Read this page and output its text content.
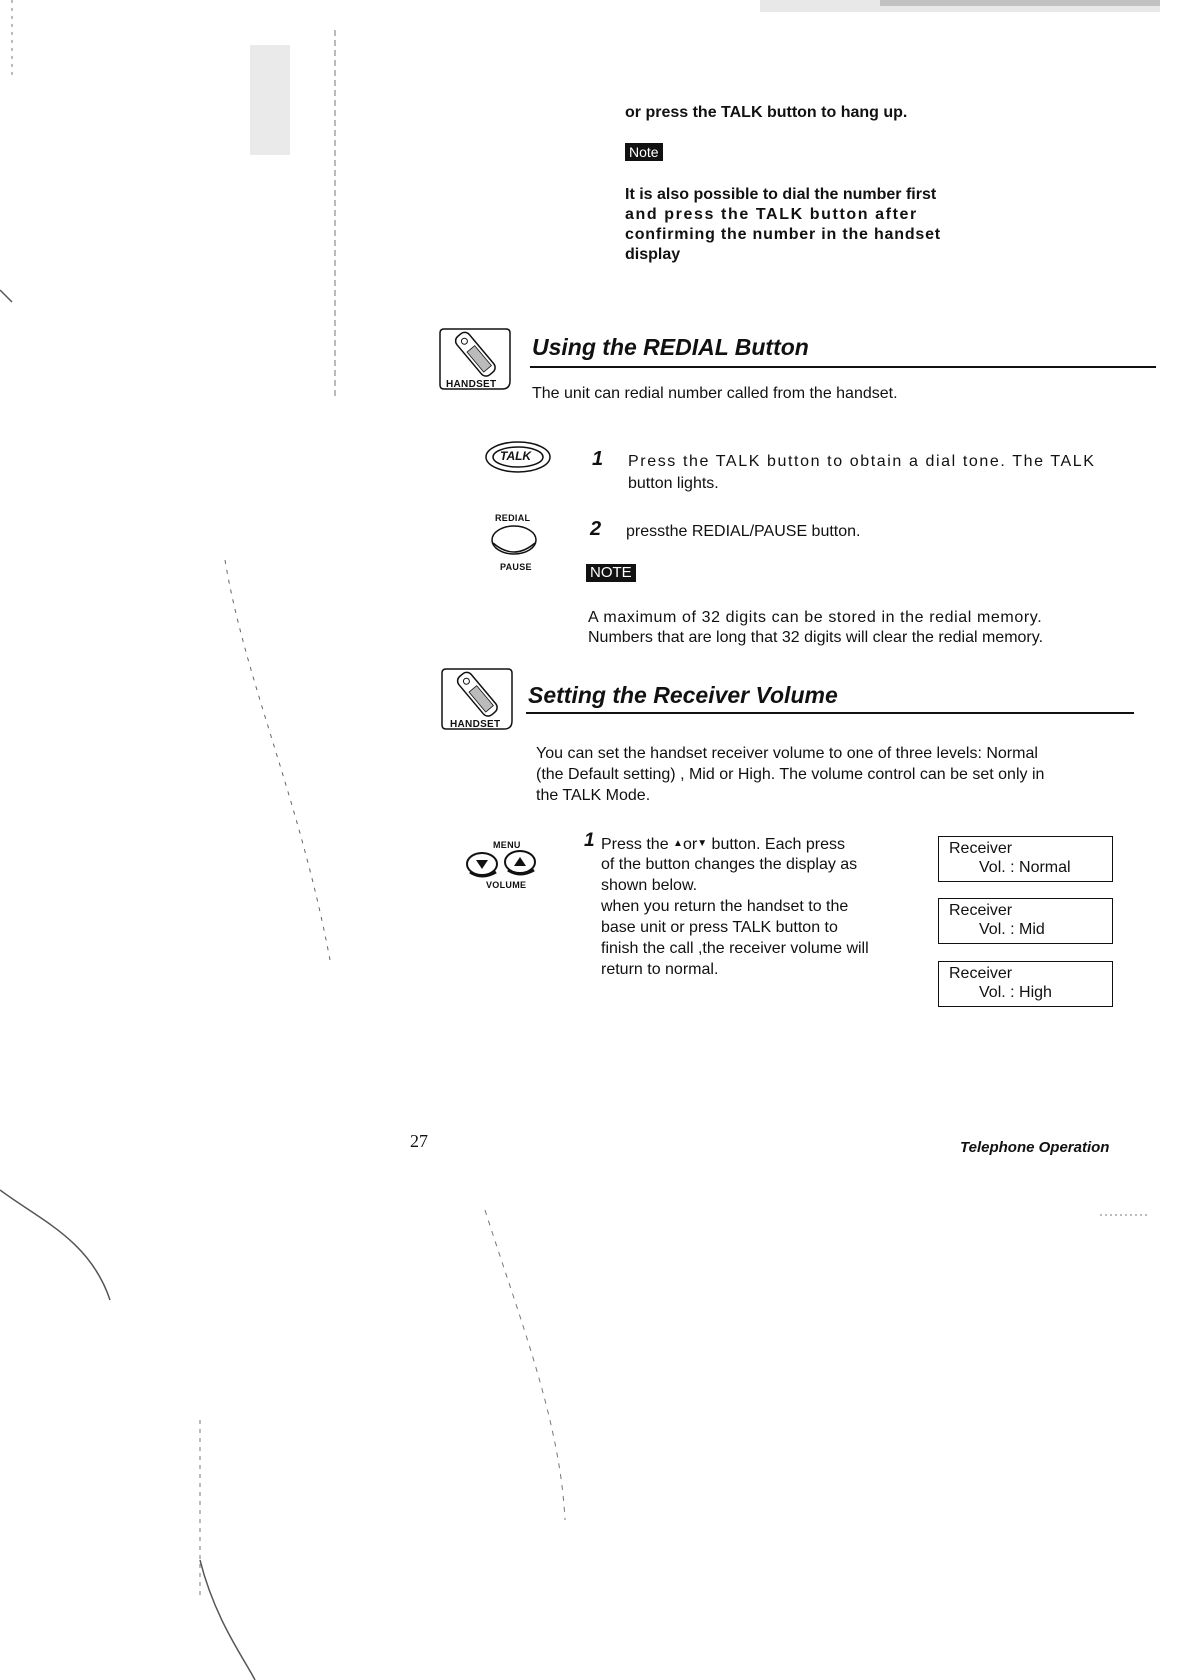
or press the TALK button to hang up.
Note
It is also possible to dial the number first
and press the TALK button after
confirming the number in the handset
display
HANDSET
Using the REDIAL Button
The unit can redial number called from the handset.
TALK	1 Press the TALK button to obtain a dial tone. The TALK
button lights.
REDIAL
PAUSE
2 pressthe REDIAL/PAUSE button.
NOTE
A maximum of 32 digits can be stored in the redial memory.
Numbers that are long that 32 digits will clear the redial memory.
HANDSET
Setting the Receiver Volume
You can set the handset receiver volume to one of three levels: Normal
(the Default setting) , Mid or High. The volume control can be set only in
the TALK Mode.
MENU
VOLUME
1 Press the ▲or▼ button. Each press
of the button changes the display as
shown below.
when you return the handset to the
base unit or press TALK button to
finish the call ,the receiver volume will
return to normal.
Receiver
Vol. : Normal
Receiver
Vol. : Mid
Receiver
Vol. : High
27	Telephone Operation
